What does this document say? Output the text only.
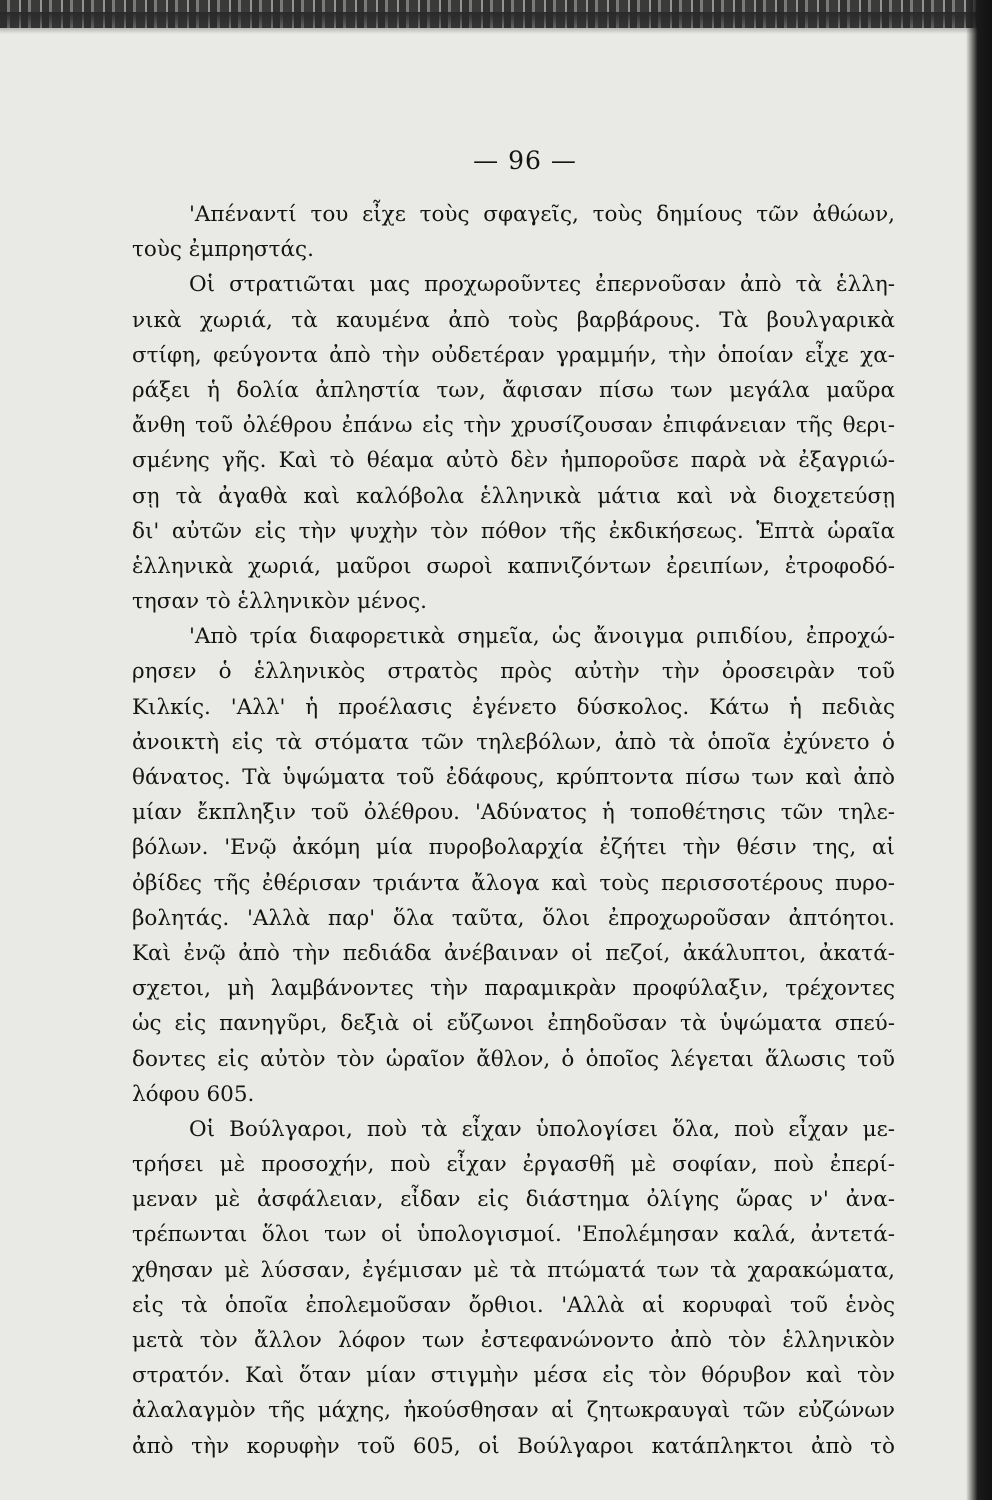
— 96 —
'Απέναντί του εἶχε τοὺς σφαγεῖς, τοὺς δημίους τῶν ἀθώων,
τοὺς ἐμπρηστάς.
Οἱ στρατιῶται μας προχωροῦντες ἐπερνοῦσαν ἀπὸ τὰ ἑλλη-
νικὰ χωριά, τὰ καυμένα ἀπὸ τοὺς βαρβάρους. Τὰ βουλγαρικὰ
στίφη, φεύγοντα ἀπὸ τὴν οὐδετέραν γραμμήν, τὴν ὁποίαν εἶχε χα-
ράξει ἡ δολία ἀπληστία των, ἄφισαν πίσω των μεγάλα μαῦρα
ἄνθη τοῦ ὀλέθρου ἐπάνω εἰς τὴν χρυσίζουσαν ἐπιφάνειαν τῆς θερι-
σμένης γῆς. Καὶ τὸ θέαμα αὐτὸ δὲν ἠμποροῦσε παρὰ νὰ ἐξαγριώ-
σῃ τὰ ἀγαθὰ καὶ καλόβολα ἑλληνικὰ μάτια καὶ νὰ διοχετεύσῃ
δι' αὐτῶν εἰς τὴν ψυχὴν τὸν πόθον τῆς ἐκδικήσεως. Ἑπτὰ ὡραῖα
ἑλληνικὰ χωριά, μαῦροι σωροὶ καπνιζόντων ἐρειπίων, ἐτροφοδό-
τησαν τὸ ἑλληνικὸν μένος.
'Απὸ τρία διαφορετικὰ σημεῖα, ὡς ἄνοιγμα ριπιδίου, ἐπροχώ-
ρησεν ὁ ἑλληνικὸς στρατὸς πρὸς αὐτὴν τὴν ὀροσειρὰν τοῦ
Κιλκίς. 'Αλλ' ἡ προέλασις ἐγένετο δύσκολος. Κάτω ἡ πεδιὰς
ἀνοικτὴ εἰς τὰ στόματα τῶν τηλεβόλων, ἀπὸ τὰ ὁποῖα ἐχύνετο ὁ
θάνατος. Τὰ ὑψώματα τοῦ ἐδάφους, κρύπτοντα πίσω των καὶ ἀπὸ
μίαν ἔκπληξιν τοῦ ὀλέθρου. 'Αδύνατος ἡ τοποθέτησις τῶν τηλε-
βόλων. 'Ενῷ ἀκόμη μία πυροβολαρχία ἐζήτει τὴν θέσιν της, αἱ
ὀβίδες τῆς ἐθέρισαν τριάντα ἄλογα καὶ τοὺς περισσοτέρους πυρο-
βολητάς. 'Αλλὰ παρ' ὅλα ταῦτα, ὅλοι ἐπροχωροῦσαν ἀπτόητοι.
Καὶ ἐνῷ ἀπὸ τὴν πεδιάδα ἀνέβαιναν οἱ πεζοί, ἀκάλυπτοι, ἀκατά-
σχετοι, μὴ λαμβάνοντες τὴν παραμικρὰν προφύλαξιν, τρέχοντες
ὡς εἰς πανηγῦρι, δεξιὰ οἱ εὔζωνοι ἐπηδοῦσαν τὰ ὑψώματα σπεύ-
δοντες εἰς αὐτὸν τὸν ὡραῖον ἄθλον, ὁ ὁποῖος λέγεται ἅλωσις τοῦ
λόφου 605.
Οἱ Βούλγαροι, ποὺ τὰ εἶχαν ὑπολογίσει ὅλα, ποὺ εἶχαν με-
τρήσει μὲ προσοχήν, ποὺ εἶχαν ἐργασθῆ μὲ σοφίαν, ποὺ ἐπερί-
μεναν μὲ ἀσφάλειαν, εἶδαν εἰς διάστημα ὀλίγης ὥρας ν' ἀνα-
τρέπωνται ὅλοι των οἱ ὑπολογισμοί. 'Επολέμησαν καλά, ἀντετά-
χθησαν μὲ λύσσαν, ἐγέμισαν μὲ τὰ πτώματά των τὰ χαρακώματα,
εἰς τὰ ὁποῖα ἐπολεμοῦσαν ὄρθιοι. 'Αλλὰ αἱ κορυφαὶ τοῦ ἑνὸς
μετὰ τὸν ἄλλον λόφον των ἐστεφανώνοντο ἀπὸ τὸν ἑλληνικὸν
στρατόν. Καὶ ὅταν μίαν στιγμὴν μέσα εἰς τὸν θόρυβον καὶ τὸν
ἀλαλαγμὸν τῆς μάχης, ἠκούσθησαν αἱ ζητωκραυγαὶ τῶν εὐζώνων
ἀπὸ τὴν κορυφὴν τοῦ 605, οἱ Βούλγαροι κατάπληκτοι ἀπὸ τὸ
